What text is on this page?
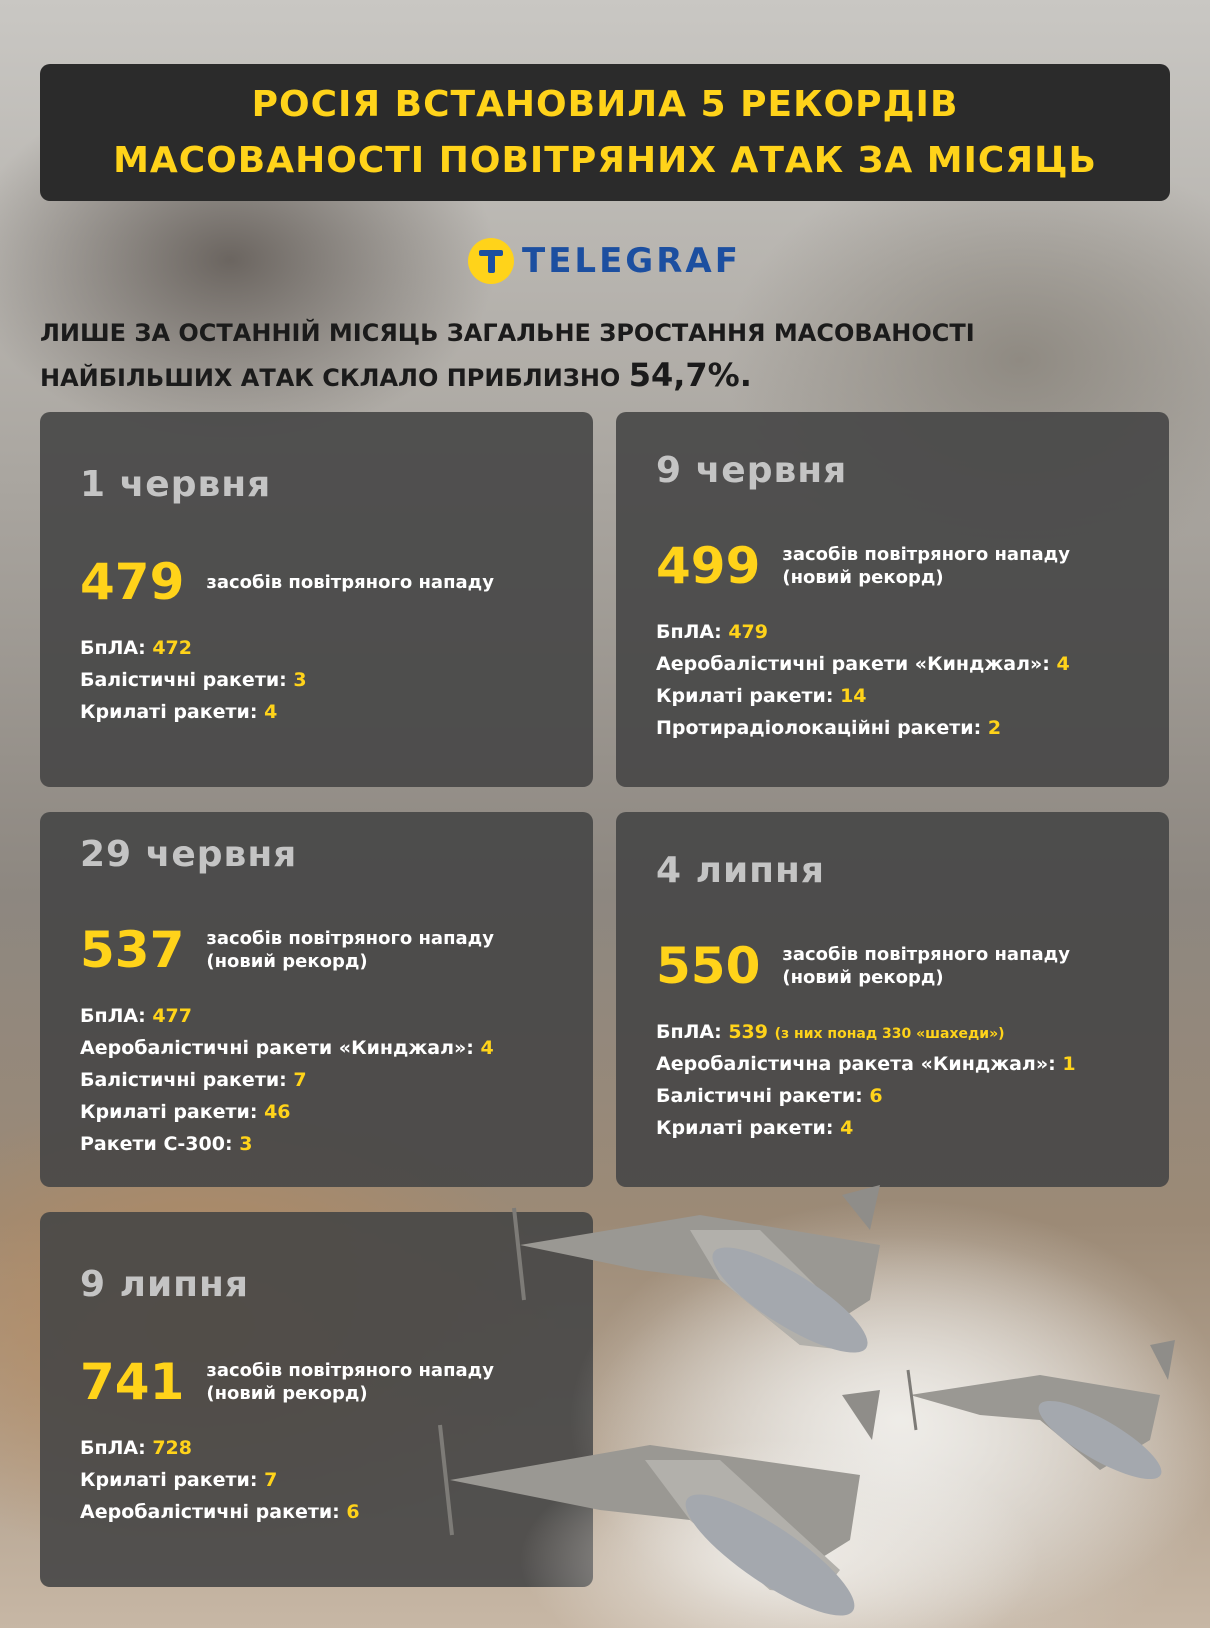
РОСІЯ ВСТАНОВИЛА 5 РЕКОРДІВ
МАСОВАНОСТІ ПОВІТРЯНИХ АТАК ЗА МІСЯЦЬ
TELEGRAF
ЛИШЕ ЗА ОСТАННІЙ МІСЯЦЬ ЗАГАЛЬНЕ ЗРОСТАННЯ МАСОВАНОСТІ
НАЙБІЛЬШИХ АТАК СКЛАЛО ПРИБЛИЗНО 54,7%.
1 червня
479 засобів повітряного нападу
БпЛА: 472
Балістичні ракети: 3
Крилаті ракети: 4
9 червня
499 засобів повітряного нападу
(новий рекорд)
БпЛА: 479
Аеробалістичні ракети «Кинджал»: 4
Крилаті ракети: 14
Протирадіолокаційні ракети: 2
29 червня
537 засобів повітряного нападу
(новий рекорд)
БпЛА: 477
Аеробалістичні ракети «Кинджал»: 4
Балістичні ракети: 7
Крилаті ракети: 46
Ракети С-300: 3
4 липня
550 засобів повітряного нападу
(новий рекорд)
БпЛА: 539 (з них понад 330 «шахеди»)
Аеробалістична ракета «Кинджал»: 1
Балістичні ракети: 6
Крилаті ракети: 4
9 липня
741 засобів повітряного нападу
(новий рекорд)
БпЛА: 728
Крилаті ракети: 7
Аеробалістичні ракети: 6
